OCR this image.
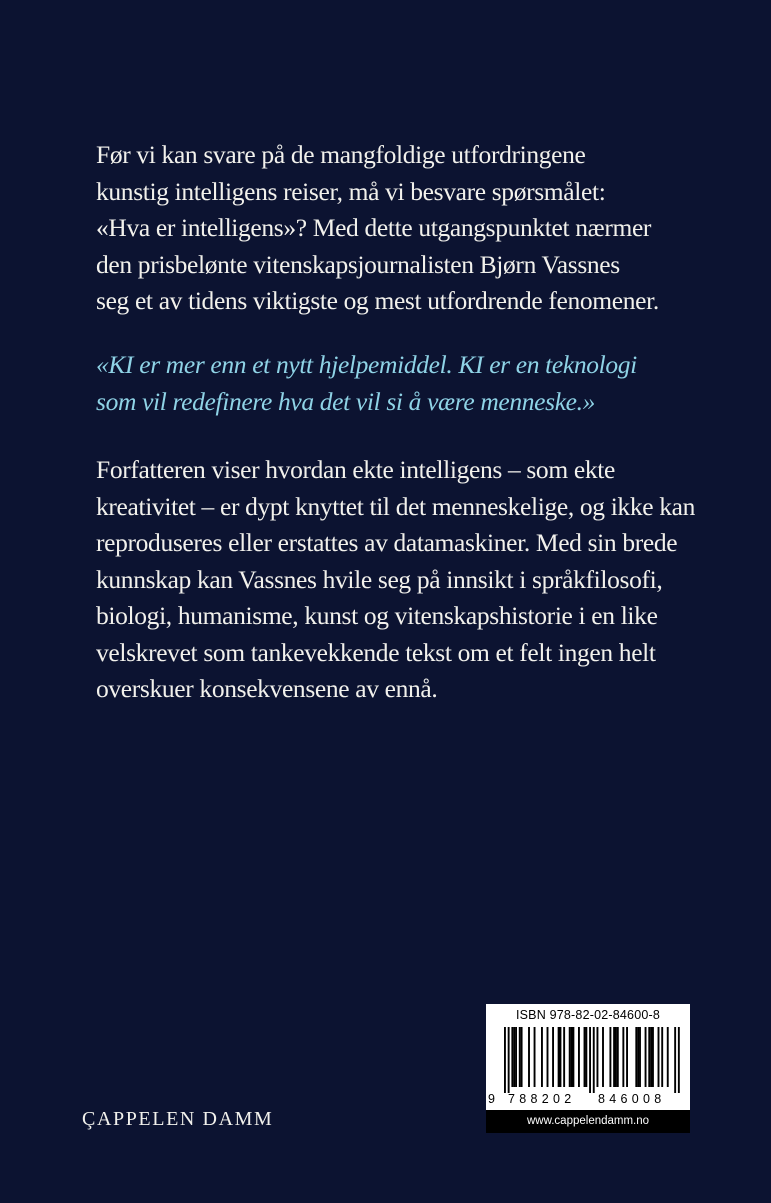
Før vi kan svare på de mangfoldige utfordringene
kunstig intelligens reiser, må vi besvare spørsmålet:
«Hva er intelligens»? Med dette utgangspunktet nærmer
den prisbelønte vitenskapsjournalisten Bjørn Vassnes
seg et av tidens viktigste og mest utfordrende fenomener.

«KI er mer enn et nytt hjelpemiddel. KI er en teknologi
som vil redefinere hva det vil si å være menneske.»

Forfatteren viser hvordan ekte intelligens – som ekte
kreativitet – er dypt knyttet til det menneskelige, og ikke kan
reproduseres eller erstattes av datamaskiner. Med sin brede
kunnskap kan Vassnes hvile seg på innsikt i språkfilosofi,
biologi, humanisme, kunst og vitenskapshistorie i en like
velskrevet som tankevekkende tekst om et felt ingen helt
overskuer konsekvensene av ennå.

ÇAPPELEN DAMM
ISBN 978-82-02-84600-8
9 788202 846008
www.cappelendamm.no
